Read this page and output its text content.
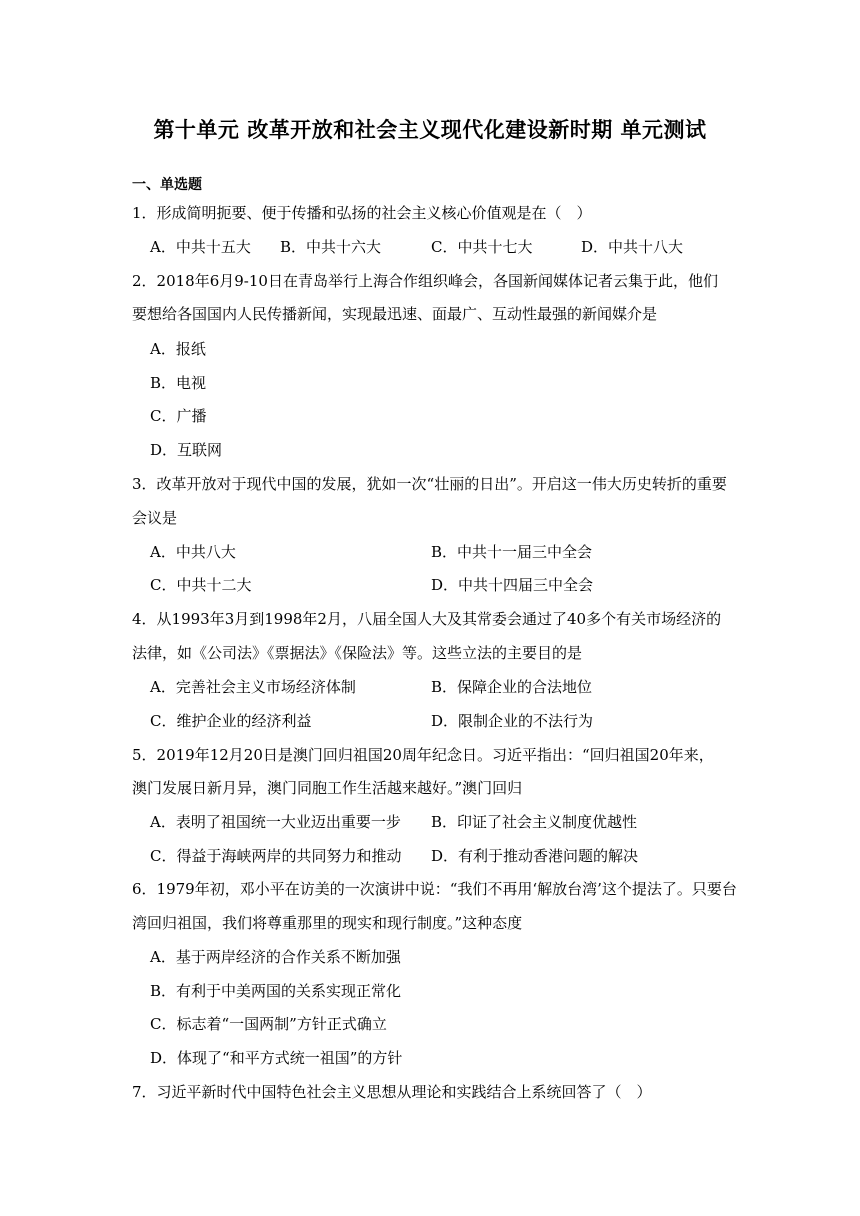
第十单元 改革开放和社会主义现代化建设新时期 单元测试
一、单选题
1．形成简明扼要、便于传播和弘扬的社会主义核心价值观是在（　）
A．中共十五大 B．中共十六大	C．中共十七大	D．中共十八大
2．2018年6月9-10日在青岛举行上海合作组织峰会，各国新闻媒体记者云集于此，他们
要想给各国国内人民传播新闻，实现最迅速、面最广、互动性最强的新闻媒介是
A．报纸
B．电视
C．广播
D．互联网
3．改革开放对于现代中国的发展，犹如一次“壮丽的日出”。开启这一伟大历史转折的重要
会议是
A．中共八大	B．中共十一届三中全会
C．中共十二大	D．中共十四届三中全会
4．从1993年3月到1998年2月，八届全国人大及其常委会通过了40多个有关市场经济的
法律，如《公司法》《票据法》《保险法》等。这些立法的主要目的是
A．完善社会主义市场经济体制	B．保障企业的合法地位
C．维护企业的经济利益	D．限制企业的不法行为
5．2019年12月20日是澳门回归祖国20周年纪念日。习近平指出：“回归祖国20年来，
澳门发展日新月异，澳门同胞工作生活越来越好。”澳门回归
A．表明了祖国统一大业迈出重要一步 B．印证了社会主义制度优越性
C．得益于海峡两岸的共同努力和推动 D．有利于推动香港问题的解决
6．1979年初，邓小平在访美的一次演讲中说：“我们不再用‘解放台湾’这个提法了。只要台
湾回归祖国，我们将尊重那里的现实和现行制度。”这种态度
A．基于两岸经济的合作关系不断加强
B．有利于中美两国的关系实现正常化
C．标志着“一国两制”方针正式确立
D．体现了“和平方式统一祖国”的方针
7．习近平新时代中国特色社会主义思想从理论和实践结合上系统回答了（　）
